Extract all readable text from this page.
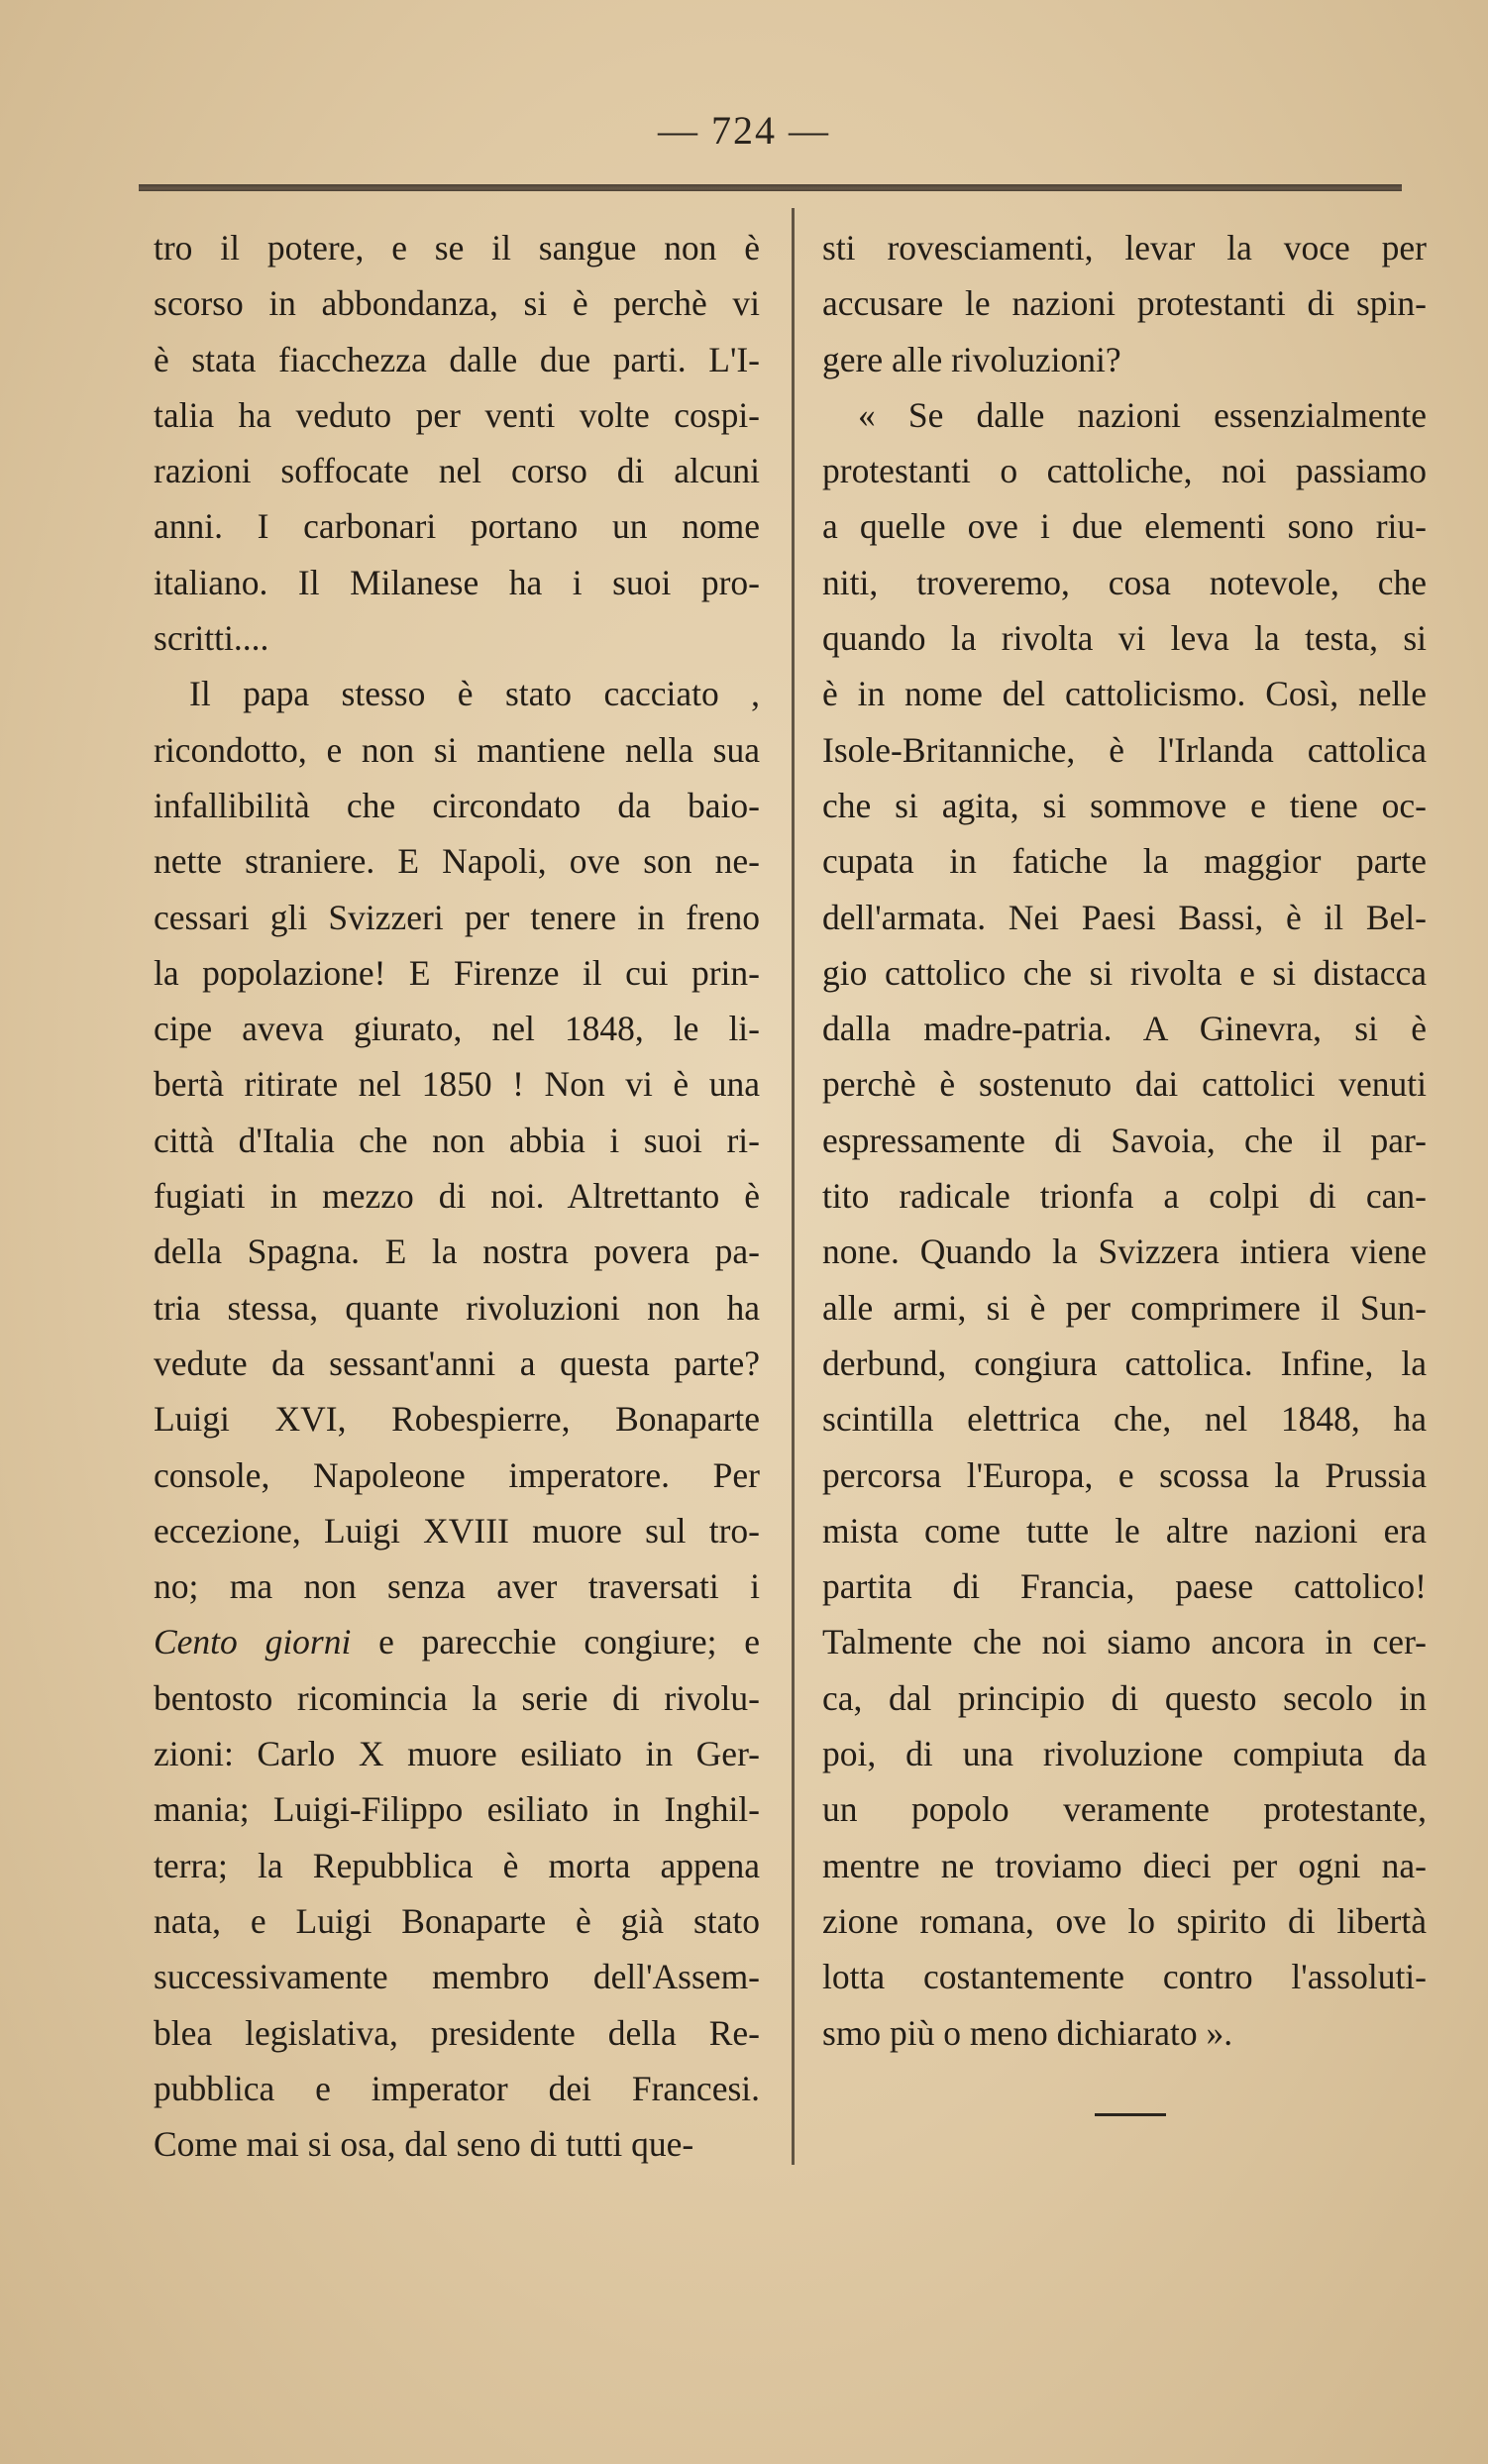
— 724 —
tro il potere, e se il sangue non è
scorso in abbondanza, si è perchè vi
è stata fiacchezza dalle due parti. L'I-
talia ha veduto per venti volte cospi-
razioni soffocate nel corso di alcuni
anni. I carbonari portano un nome
italiano. Il Milanese ha i suoi pro-
scritti....
Il papa stesso è stato cacciato ,
ricondotto, e non si mantiene nella sua
infallibilità che circondato da baio-
nette straniere. E Napoli, ove son ne-
cessari gli Svizzeri per tenere in freno
la popolazione! E Firenze il cui prin-
cipe aveva giurato, nel 1848, le li-
bertà ritirate nel 1850 ! Non vi è una
città d'Italia che non abbia i suoi ri-
fugiati in mezzo di noi. Altrettanto è
della Spagna. E la nostra povera pa-
tria stessa, quante rivoluzioni non ha
vedute da sessant'anni a questa parte?
Luigi XVI, Robespierre, Bonaparte
console, Napoleone imperatore. Per
eccezione, Luigi XVIII muore sul tro-
no; ma non senza aver traversati i
Cento giorni e parecchie congiure; e
bentosto ricomincia la serie di rivolu-
zioni: Carlo X muore esiliato in Ger-
mania; Luigi-Filippo esiliato in Inghil-
terra; la Repubblica è morta appena
nata, e Luigi Bonaparte è già stato
successivamente membro dell'Assem-
blea legislativa, presidente della Re-
pubblica e imperator dei Francesi.
Come mai si osa, dal seno di tutti que-
sti rovesciamenti, levar la voce per
accusare le nazioni protestanti di spin-
gere alle rivoluzioni?
« Se dalle nazioni essenzialmente
protestanti o cattoliche, noi passiamo
a quelle ove i due elementi sono riu-
niti, troveremo, cosa notevole, che
quando la rivolta vi leva la testa, si
è in nome del cattolicismo. Così, nelle
Isole-Britanniche, è l'Irlanda cattolica
che si agita, si sommove e tiene oc-
cupata in fatiche la maggior parte
dell'armata. Nei Paesi Bassi, è il Bel-
gio cattolico che si rivolta e si distacca
dalla madre-patria. A Ginevra, si è
perchè è sostenuto dai cattolici venuti
espressamente di Savoia, che il par-
tito radicale trionfa a colpi di can-
none. Quando la Svizzera intiera viene
alle armi, si è per comprimere il Sun-
derbund, congiura cattolica. Infine, la
scintilla elettrica che, nel 1848, ha
percorsa l'Europa, e scossa la Prussia
mista come tutte le altre nazioni era
partita di Francia, paese cattolico!
Talmente che noi siamo ancora in cer-
ca, dal principio di questo secolo in
poi, di una rivoluzione compiuta da
un popolo veramente protestante,
mentre ne troviamo dieci per ogni na-
zione romana, ove lo spirito di libertà
lotta costantemente contro l'assoluti-
smo più o meno dichiarato ».
